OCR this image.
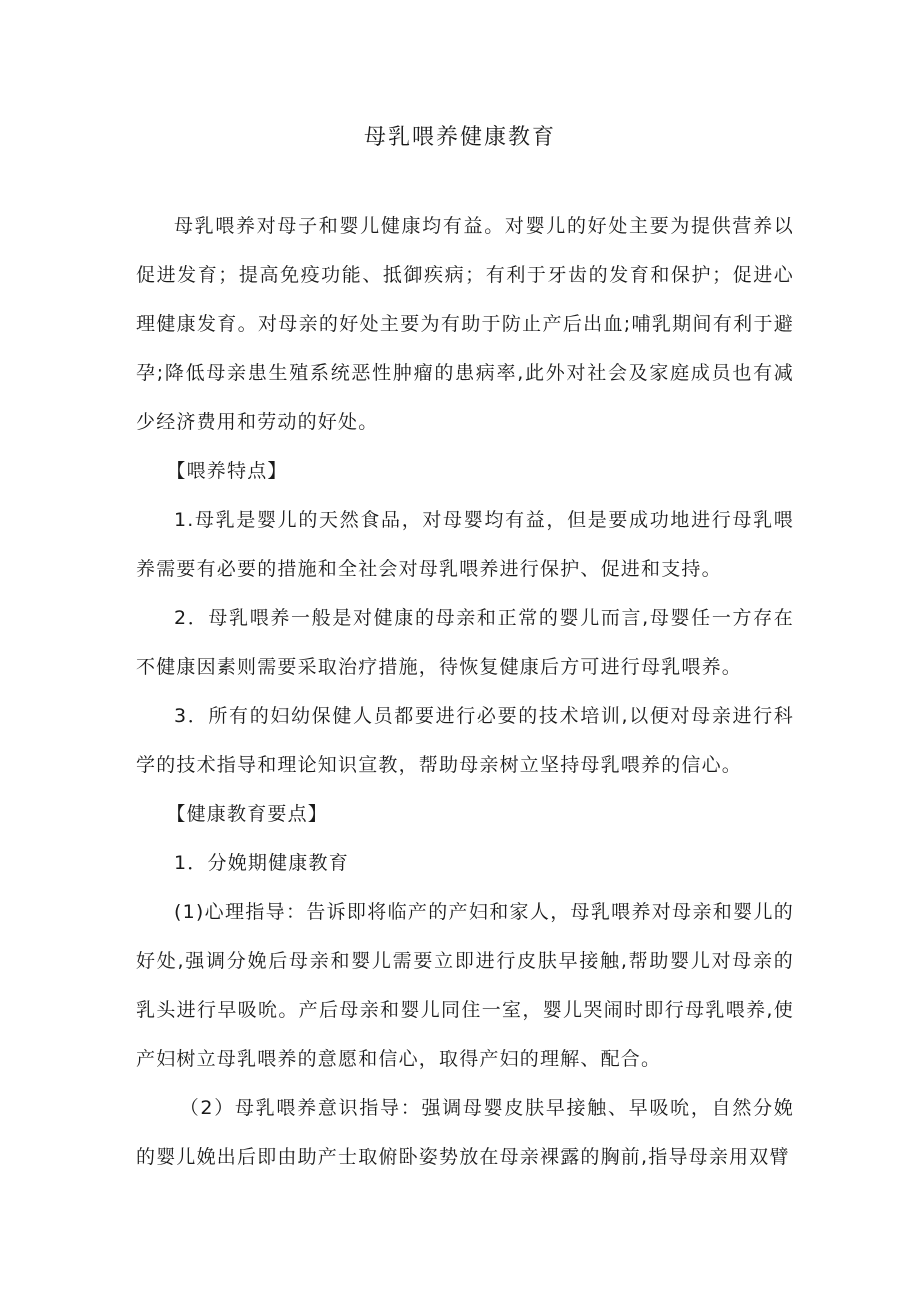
母乳喂养健康教育

母乳喂养对母子和婴儿健康均有益。对婴儿的好处主要为提供营养以促进发育；提高免疫功能、抵御疾病；有利于牙齿的发育和保护；促进心理健康发育。对母亲的好处主要为有助于防止产后出血;哺乳期间有利于避孕;降低母亲患生殖系统恶性肿瘤的患病率,此外对社会及家庭成员也有减少经济费用和劳动的好处。

【喂养特点】

1.母乳是婴儿的天然食品，对母婴均有益，但是要成功地进行母乳喂养需要有必要的措施和全社会对母乳喂养进行保护、促进和支持。

2．母乳喂养一般是对健康的母亲和正常的婴儿而言,母婴任一方存在不健康因素则需要采取治疗措施，待恢复健康后方可进行母乳喂养。

3．所有的妇幼保健人员都要进行必要的技术培训,以便对母亲进行科学的技术指导和理论知识宣教，帮助母亲树立坚持母乳喂养的信心。

【健康教育要点】

1．分娩期健康教育

(1)心理指导：告诉即将临产的产妇和家人，母乳喂养对母亲和婴儿的好处,强调分娩后母亲和婴儿需要立即进行皮肤早接触,帮助婴儿对母亲的乳头进行早吸吮。产后母亲和婴儿同住一室，婴儿哭闹时即行母乳喂养,使产妇树立母乳喂养的意愿和信心，取得产妇的理解、配合。

（2）母乳喂养意识指导：强调母婴皮肤早接触、早吸吮，自然分娩的婴儿娩出后即由助产士取俯卧姿势放在母亲裸露的胸前,指导母亲用双臂
